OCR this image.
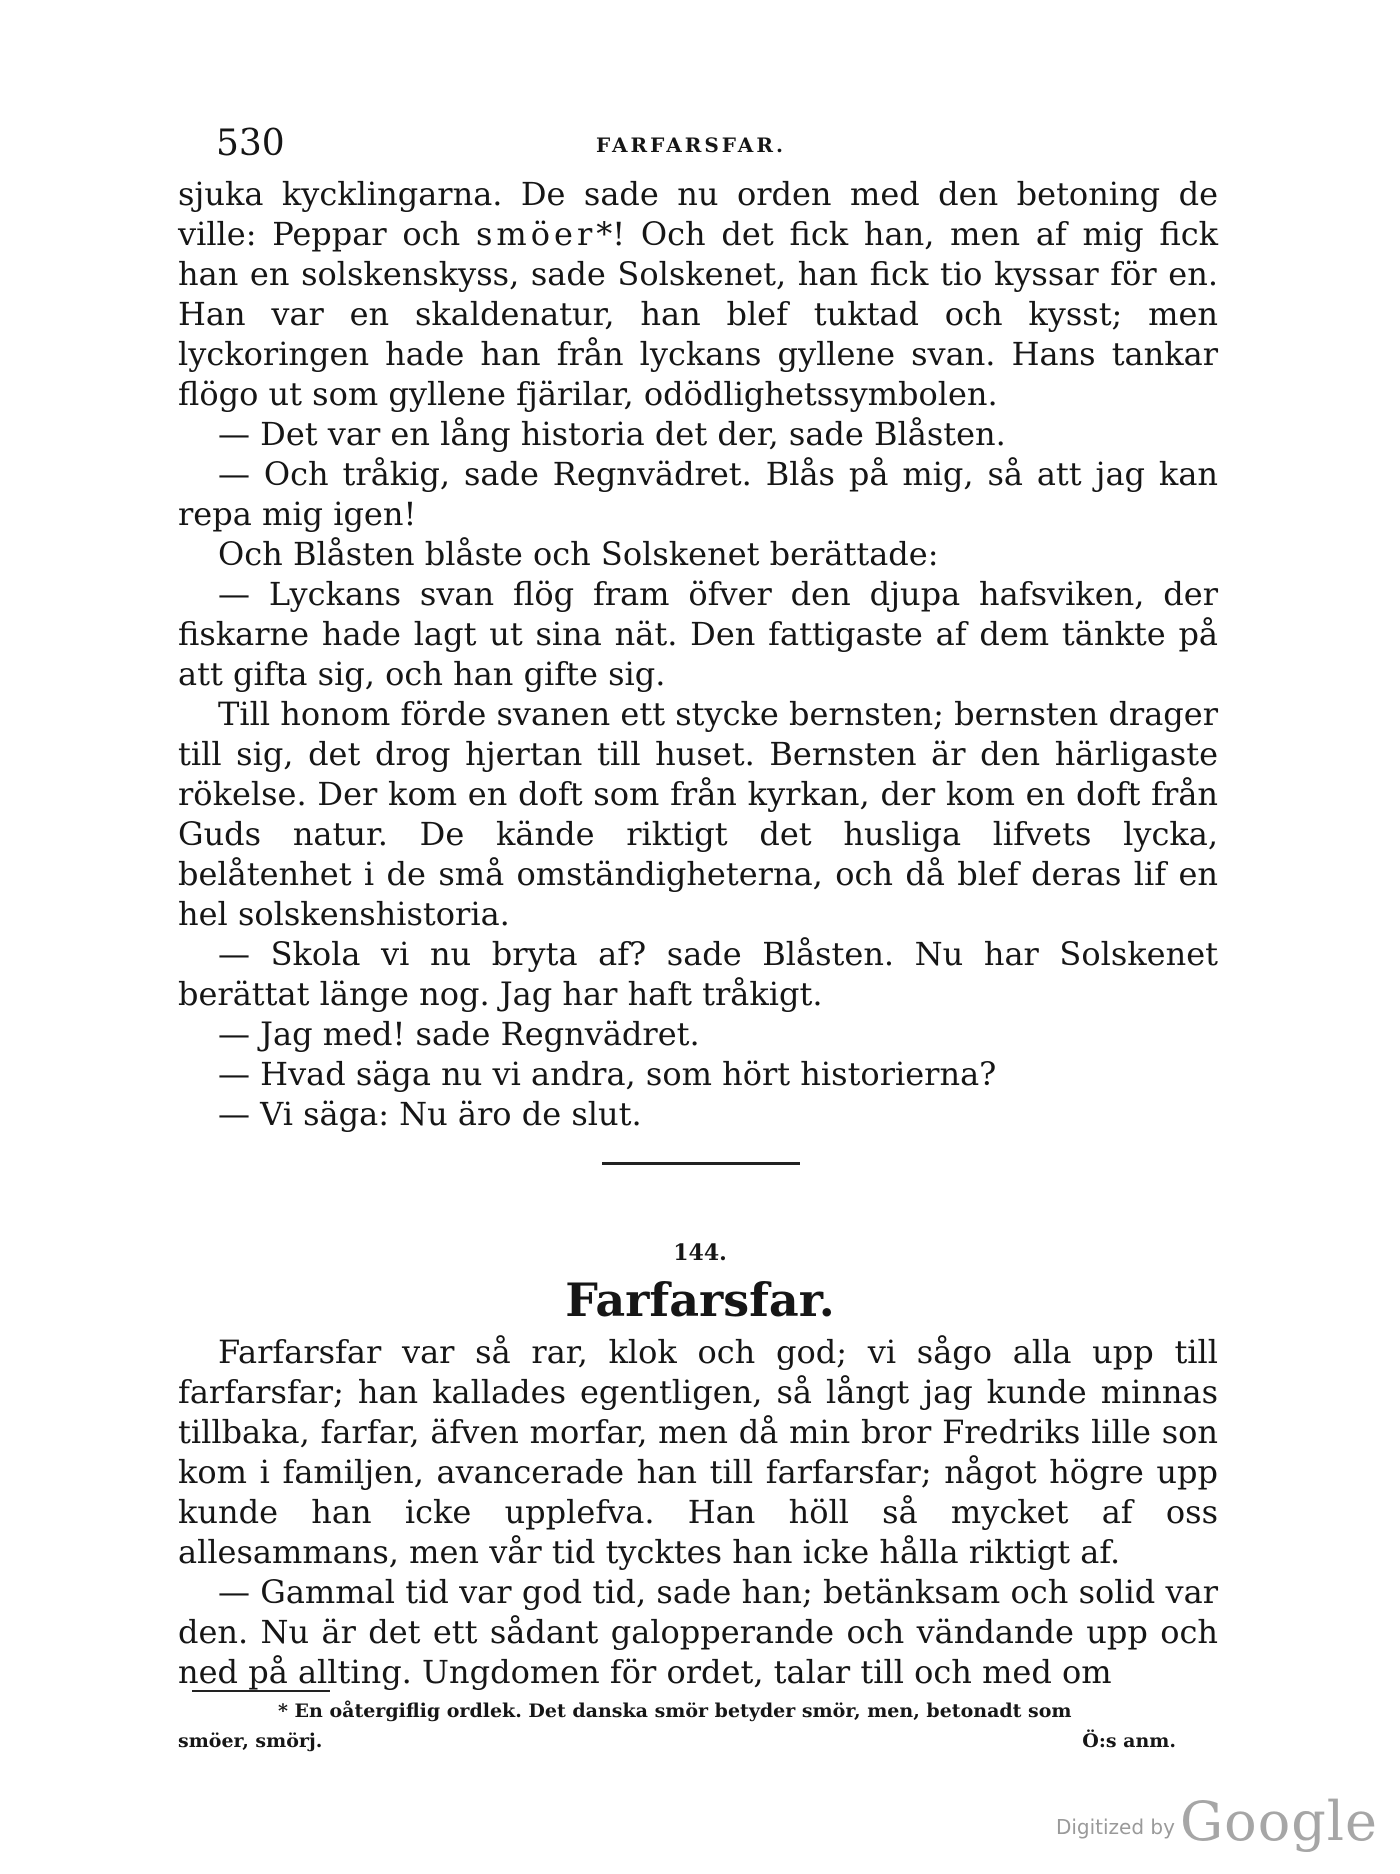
530	FARFARSFAR.

sjuka kycklingarna. De sade nu orden med den betoning de ville: Peppar och smöer*! Och det fick han, men af mig fick han en solskenskyss, sade Solskenet, han fick tio kyssar för en. Han var en skaldenatur, han blef tuktad och kysst; men lyckoringen hade han från lyckans gyllene svan. Hans tankar flögo ut som gyllene fjärilar, odödlighetssymbolen.

— Det var en lång historia det der, sade Blåsten.

— Och tråkig, sade Regnvädret. Blås på mig, så att jag kan repa mig igen!

Och Blåsten blåste och Solskenet berättade:

— Lyckans svan flög fram öfver den djupa hafsviken, der fiskarne hade lagt ut sina nät. Den fattigaste af dem tänkte på att gifta sig, och han gifte sig.

Till honom förde svanen ett stycke bernsten; bernsten drager till sig, det drog hjertan till huset. Bernsten är den härligaste rökelse. Der kom en doft som från kyrkan, der kom en doft från Guds natur. De kände riktigt det husliga lifvets lycka, belåtenhet i de små omständigheterna, och då blef deras lif en hel solskenshistoria.

— Skola vi nu bryta af? sade Blåsten. Nu har Solskenet berättat länge nog. Jag har haft tråkigt.

— Jag med! sade Regnvädret.

— Hvad säga nu vi andra, som hört historierna?

— Vi säga: Nu äro de slut.

144.
Farfarsfar.

Farfarsfar var så rar, klok och god; vi sågo alla upp till farfarsfar; han kallades egentligen, så långt jag kunde minnas tillbaka, farfar, äfven morfar, men då min bror Fredriks lille son kom i familjen, avancerade han till farfarsfar; något högre upp kunde han icke upplefva. Han höll så mycket af oss allesammans, men vår tid tycktes han icke hålla riktigt af.

— Gammal tid var god tid, sade han; betänksam och solid var den. Nu är det ett sådant galopperande och vändande upp och ned på allting. Ungdomen för ordet, talar till och med om

* En oåtergiflig ordlek. Det danska smör betyder smör, men, betonadt som
smöer, smörj.	Ö:s anm.
Digitized by Google
